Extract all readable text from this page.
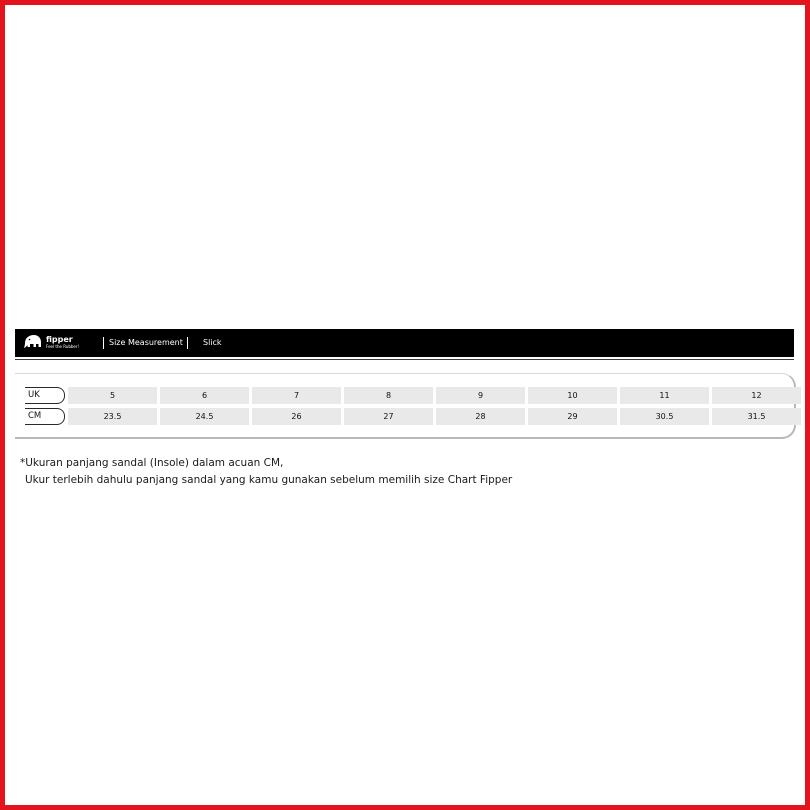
fipper
Feel the Rubber!	Size Measurement	Slick
UK	5	6	7	8	9	10	11	12
CM	23.5	24.5	26	27	28	29	30.5	31.5
*Ukuran panjang sandal (Insole) dalam acuan CM,
Ukur terlebih dahulu panjang sandal yang kamu gunakan sebelum memilih size Chart Fipper
